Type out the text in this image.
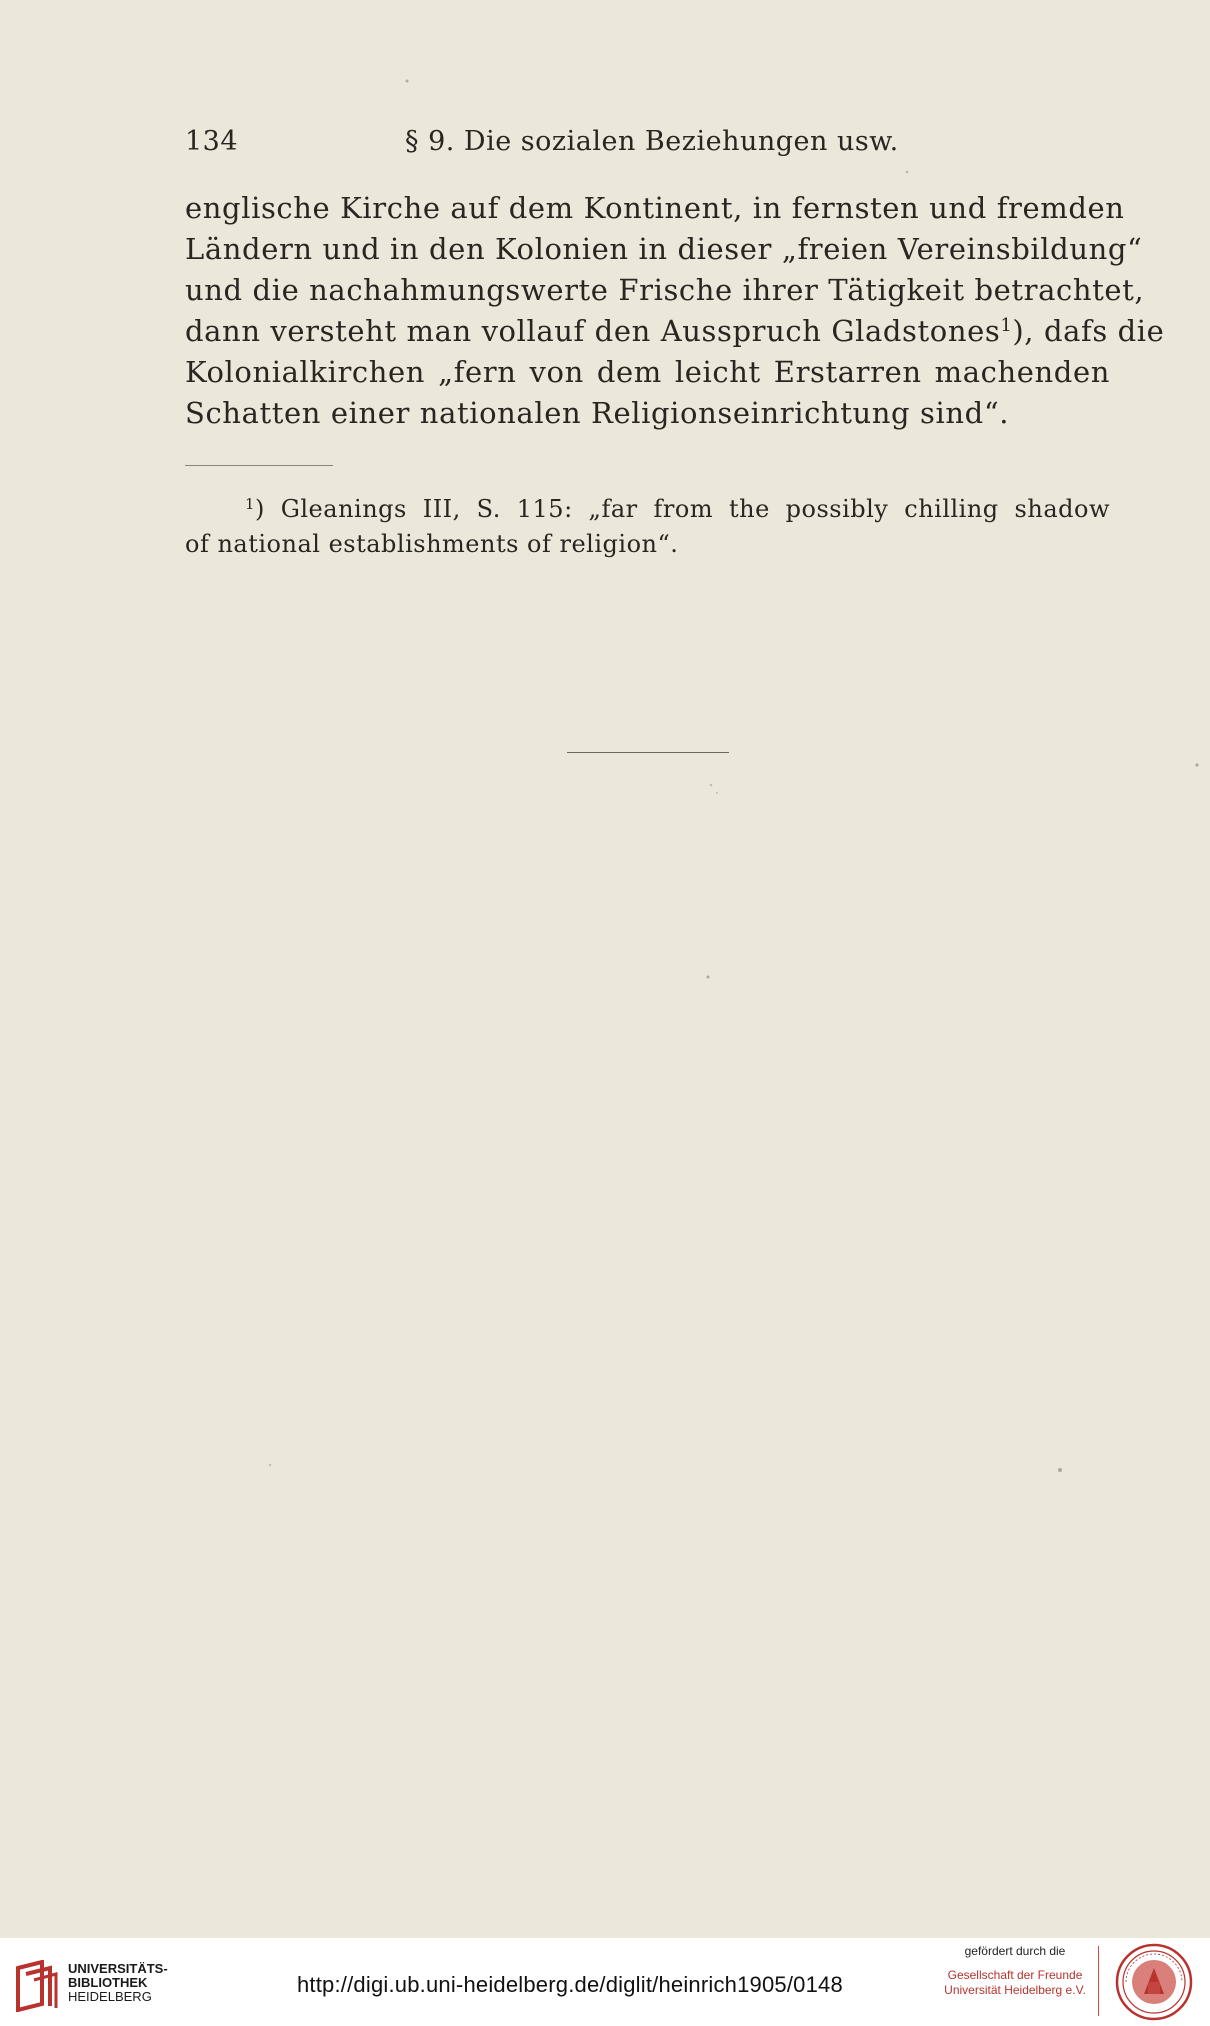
134	§ 9. Die sozialen Beziehungen usw.
englische Kirche auf dem Kontinent, in fernsten und fremden
Ländern und in den Kolonien in dieser „freien Vereinsbildung“
und die nachahmungswerte Frische ihrer Tätigkeit betrachtet,
dann versteht man vollauf den Ausspruch Gladstones$^1$), dafs die
Kolonialkirchen „fern von dem leicht Erstarren machenden
Schatten einer nationalen Religionseinrichtung sind“.
$^1$) Gleanings III, S. 115: „far from the possibly chilling shadow
of national establishments of religion“.
UNIVERSITÄTS-
BIBLIOTHEK
HEIDELBERG	http://digi.ub.uni-heidelberg.de/diglit/heinrich1905/0148
gefördert durch die
Gesellschaft der Freunde
Universität Heidelberg e.V.
